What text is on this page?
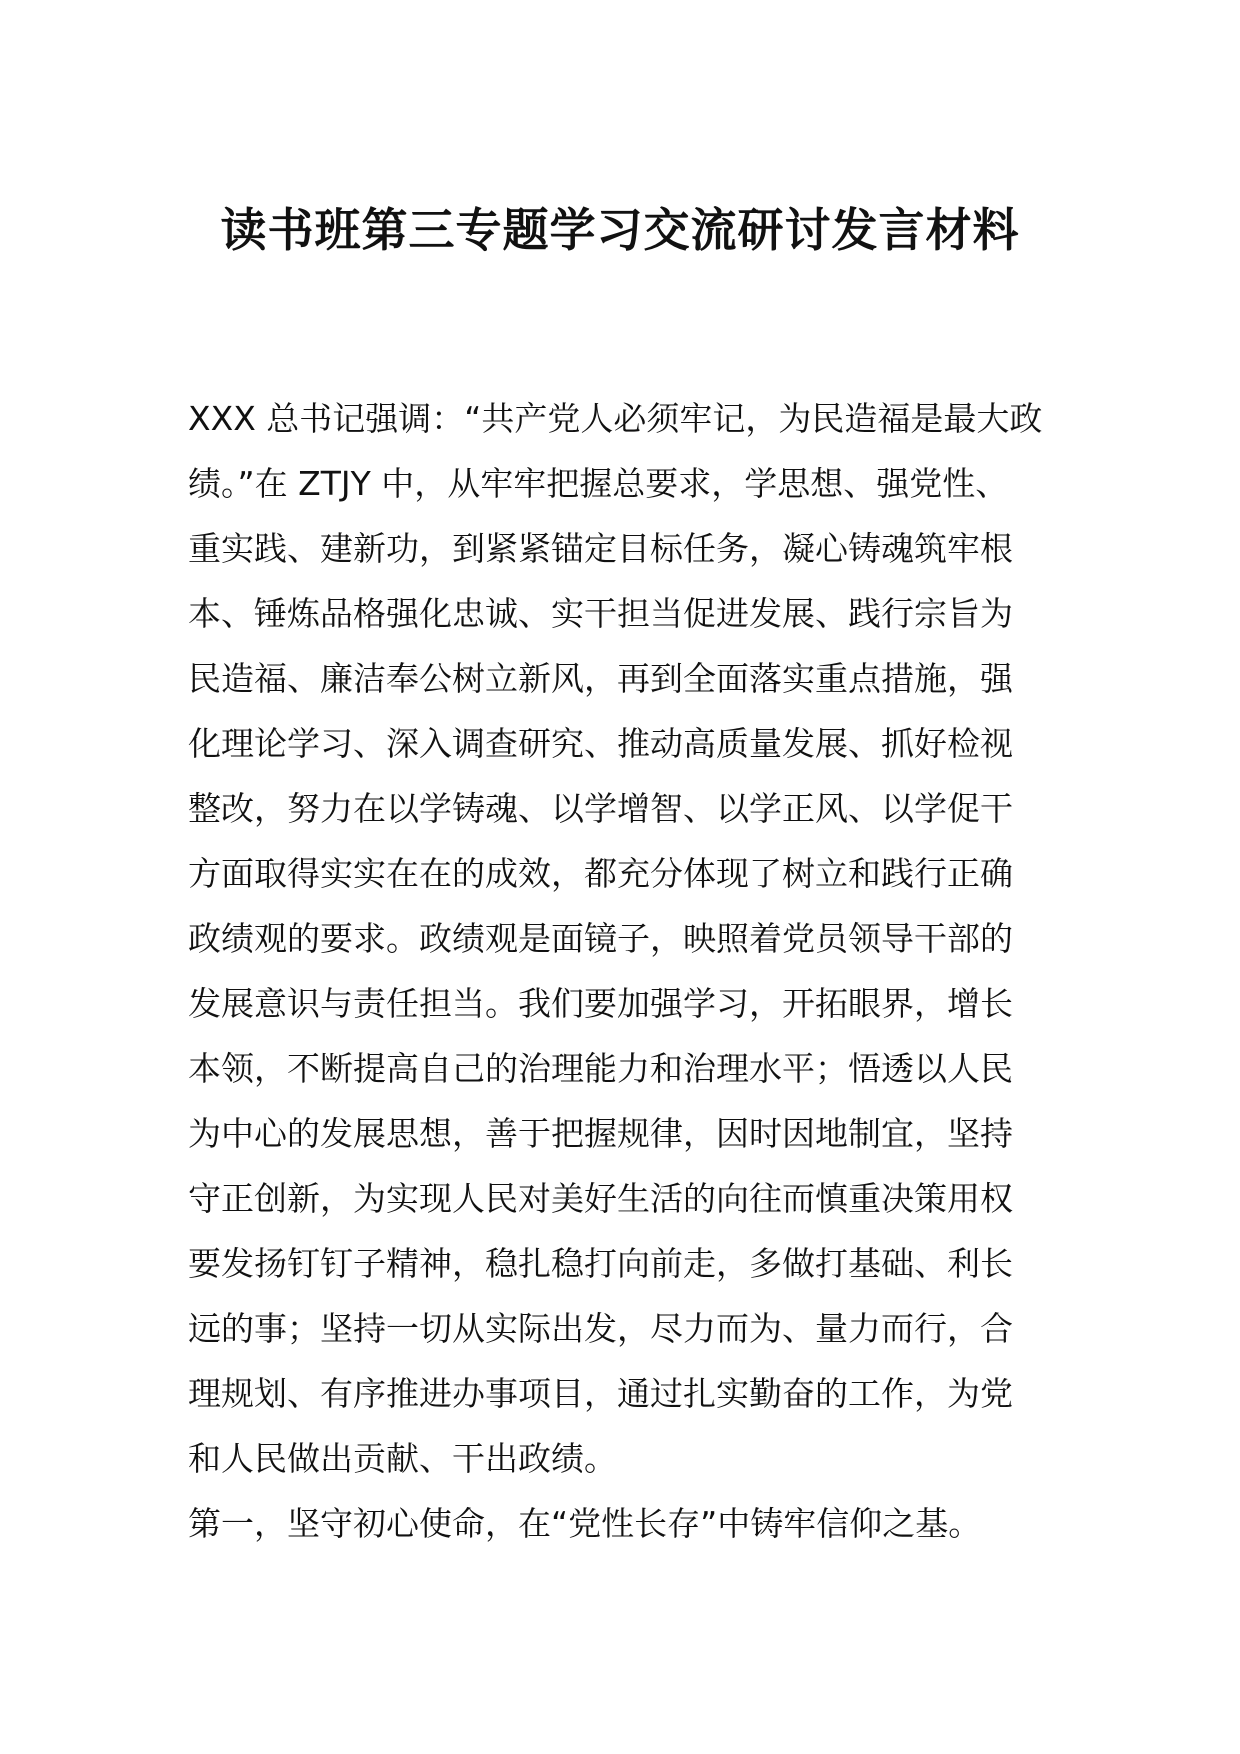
读书班第三专题学习交流研讨发言材料
XXX 总书记强调：“共产党人必须牢记，为民造福是最大政
绩。”在 ZTJY 中，从牢牢把握总要求，学思想、强党性、
重实践、建新功，到紧紧锚定目标任务，凝心铸魂筑牢根
本、锤炼品格强化忠诚、实干担当促进发展、践行宗旨为
民造福、廉洁奉公树立新风，再到全面落实重点措施，强
化理论学习、深入调查研究、推动高质量发展、抓好检视
整改，努力在以学铸魂、以学增智、以学正风、以学促干
方面取得实实在在的成效，都充分体现了树立和践行正确
政绩观的要求。政绩观是面镜子，映照着党员领导干部的
发展意识与责任担当。我们要加强学习，开拓眼界，增长
本领，不断提高自己的治理能力和治理水平；悟透以人民
为中心的发展思想，善于把握规律，因时因地制宜，坚持
守正创新，为实现人民对美好生活的向往而慎重决策用权
要发扬钉钉子精神，稳扎稳打向前走，多做打基础、利长
远的事；坚持一切从实际出发，尽力而为、量力而行，合
理规划、有序推进办事项目，通过扎实勤奋的工作，为党
和人民做出贡献、干出政绩。
第一，坚守初心使命，在“党性长存”中铸牢信仰之基。
